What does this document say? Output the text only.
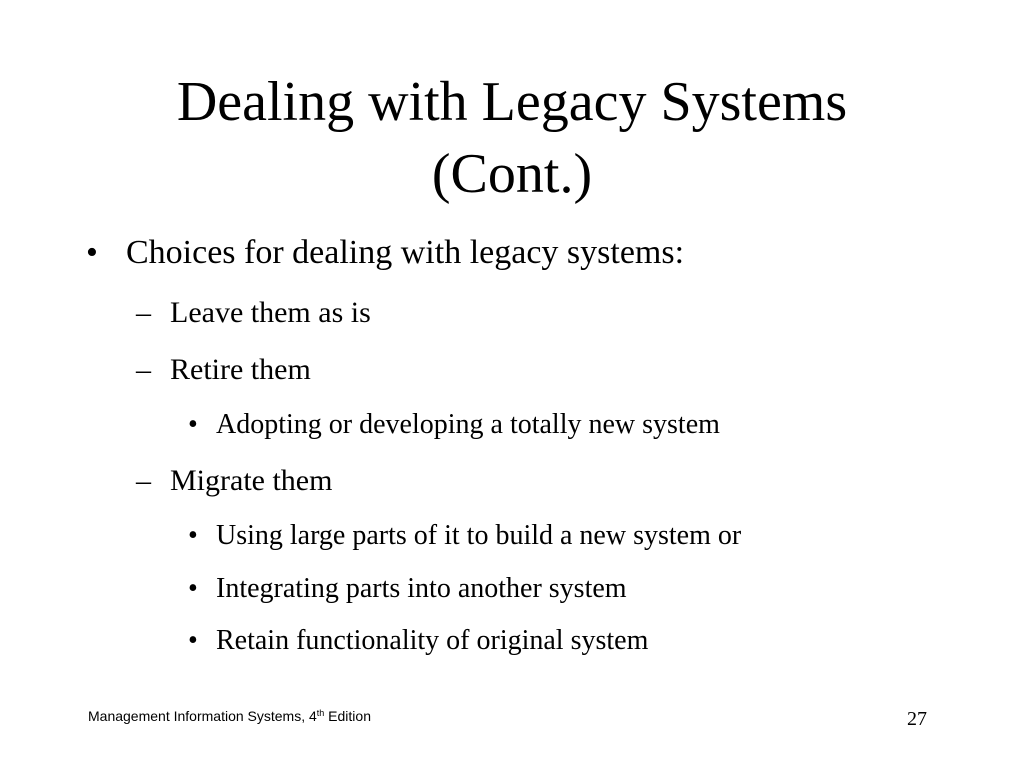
Dealing with Legacy Systems
(Cont.)
• Choices for dealing with legacy systems:
– Leave them as is
– Retire them
• Adopting or developing a totally new system
– Migrate them
• Using large parts of it to build a new system or
• Integrating parts into another system
• Retain functionality of original system
Management Information Systems, 4th Edition	27
